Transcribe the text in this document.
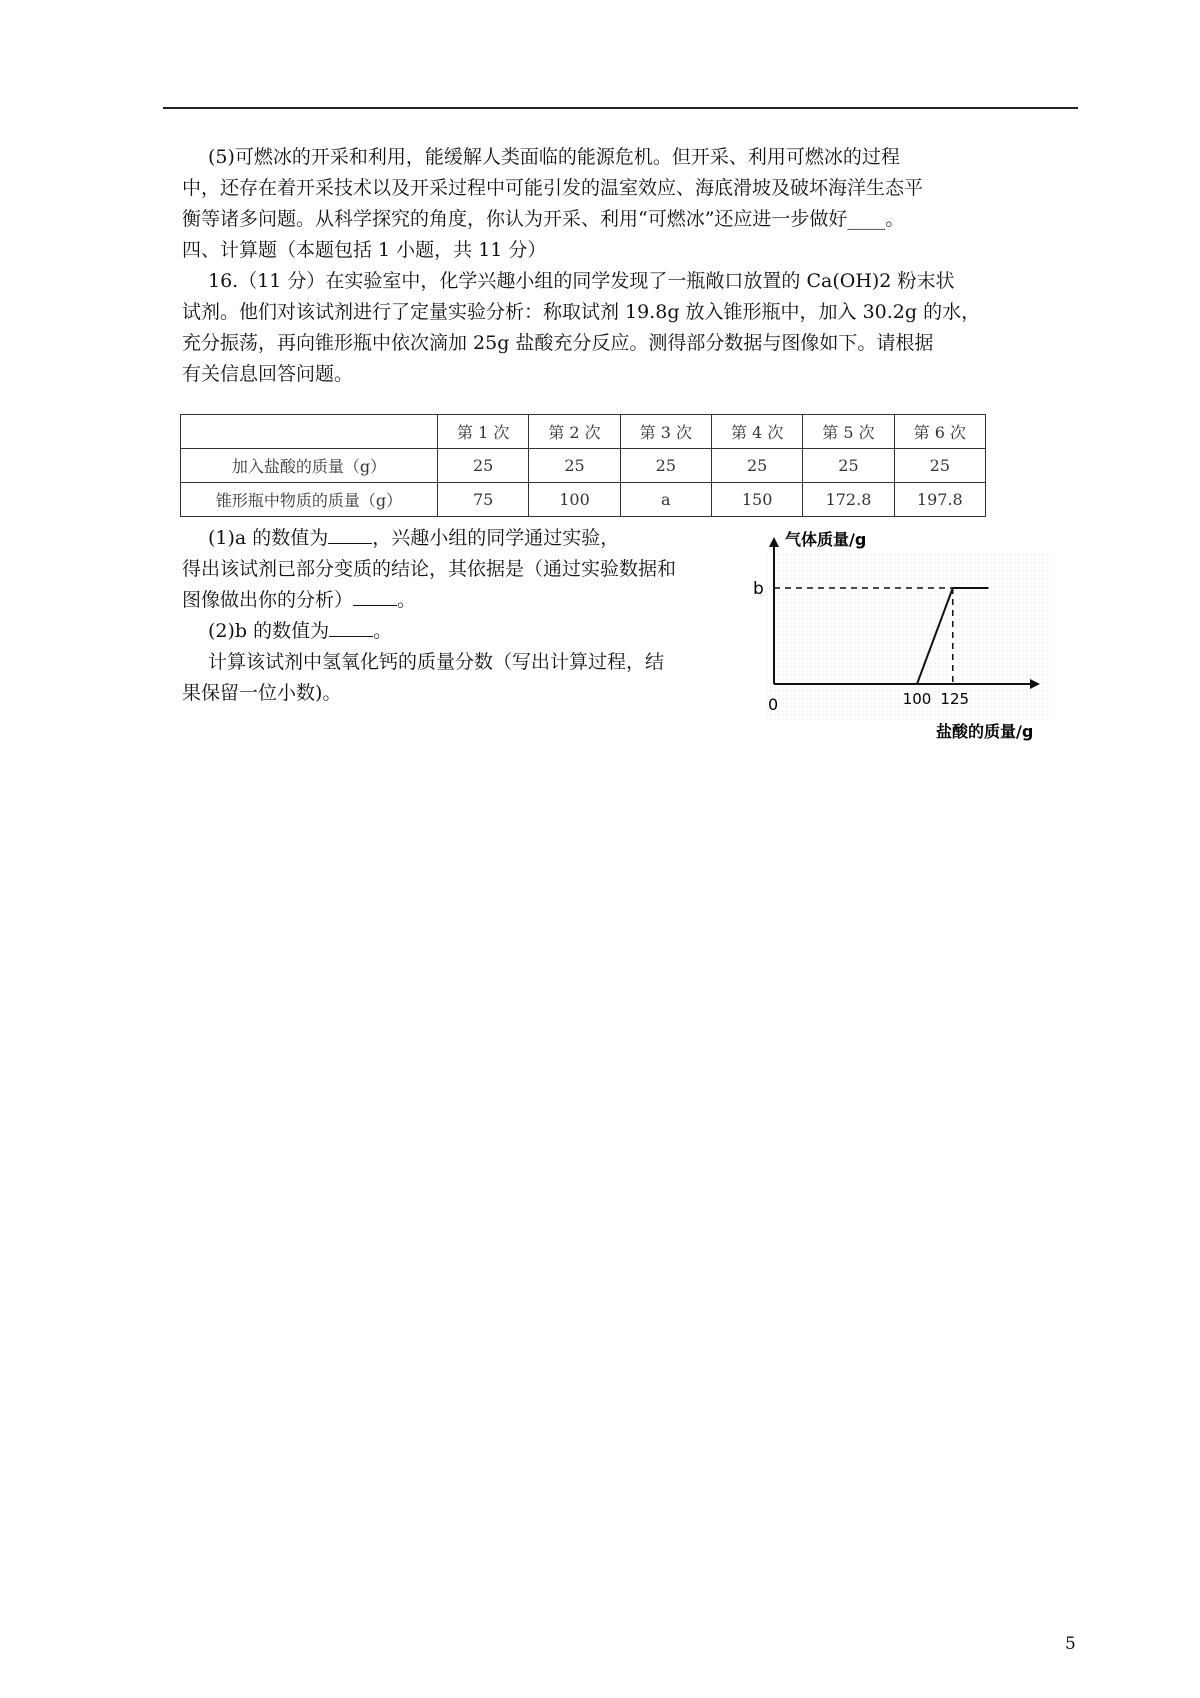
(5)可燃冰的开采和利用，能缓解人类面临的能源危机。但开采、利用可燃冰的过程

中，还存在着开采技术以及开采过程中可能引发的温室效应、海底滑坡及破坏海洋生态平

衡等诸多问题。从科学探究的角度，你认为开采、利用“可燃冰”还应进一步做好____。

四、计算题（本题包括 1 小题，共 11 分）

16.（11 分）在实验室中，化学兴趣小组的同学发现了一瓶敞口放置的 Ca(OH)2 粉末状

试剂。他们对该试剂进行了定量实验分析：称取试剂 19.8g 放入锥形瓶中，加入 30.2g 的水，

充分振荡，再向锥形瓶中依次滴加 25g 盐酸充分反应。测得部分数据与图像如下。请根据

有关信息回答问题。

	第 1 次	第 2 次	第 3 次	第 4 次	第 5 次	第 6 次
加入盐酸的质量（g）	25	25	25	25	25	25
锥形瓶中物质的质量（g）	75	100	a	150	172.8	197.8

(1)a 的数值为 ，兴趣小组的同学通过实验，

得出该试剂已部分变质的结论，其依据是（通过实验数据和

图像做出你的分析） 。

(2)b 的数值为 。

计算该试剂中氢氧化钙的质量分数（写出计算过程，结

果保留一位小数)。

气体质量/g
b
0	100 125
盐酸的质量/g
5
